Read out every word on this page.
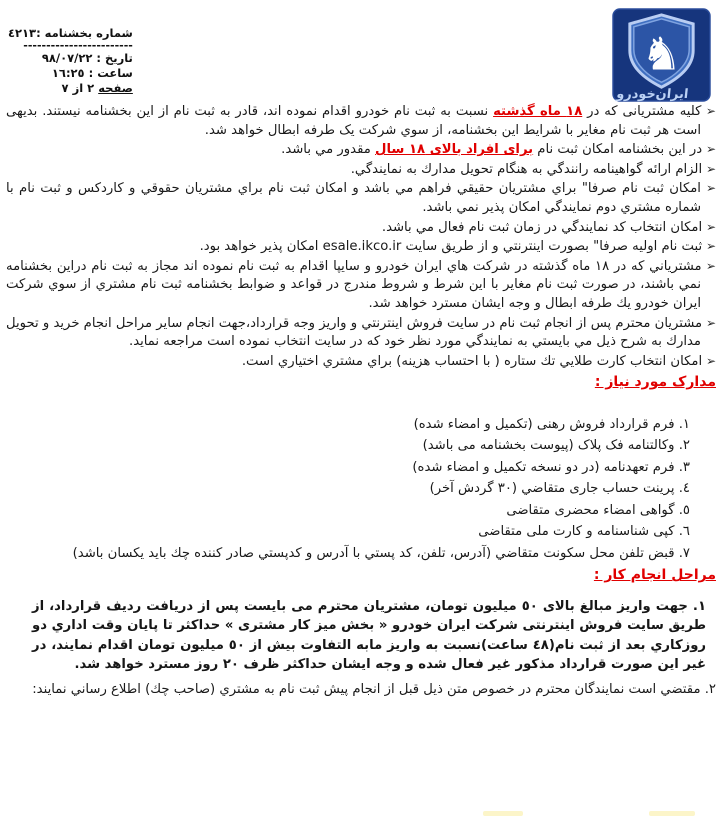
♞
ایران‌خودرو
شماره بخشنامه :٤٢١٣
------------------------
تاریخ : ٩٨/٠٧/٢٢
ساعت : ١٦:٢٥
صفحه ٢ از ٧
➢ کلیه مشتریانی که در ١٨ ماه گذشته نسبت به ثبت نام خودرو اقدام نموده اند، قادر به ثبت نام از این بخشنامه نیستند. بدیهی است هر ثبت نام مغایر با شرایط این بخشنامه، از سوي شرکت یک طرفه ابطال خواهد شد.
➢ در این بخشنامه امکان ثبت نام برای افراد بالای ١٨ سال مقدور مي باشد.
➢ الزام ارائه گواهینامه رانندگي به هنگام تحویل مدارك به نمایندگي.
➢ امکان ثبت نام صرفا" براي مشتریان حقیقي فراهم مي باشد و امکان ثبت نام براي مشتریان حقوقي و کاردکس و ثبت نام با شماره مشتري دوم نمایندگي امکان پذیر نمي باشد.
➢ امکان انتخاب کد نمایندگي در زمان ثبت نام فعال مي باشد.
➢ ثبت نام اولیه صرفا" بصورت اینترنتي و از طریق سایت esale.ikco.ir امکان پذیر خواهد بود.
➢ مشتریاني که در ١٨ ماه گذشته در شرکت هاي ایران خودرو و سایپا اقدام به ثبت نام نموده اند مجاز به ثبت نام دراین بخشنامه نمي باشند، در صورت ثبت نام مغایر با این شرط و شروط مندرج در قواعد و ضوابط بخشنامه ثبت نام مشتري از سوي شرکت ایران خودرو یك طرفه ابطال و وجه ایشان مسترد خواهد شد.
➢ مشتریان محترم پس از انجام ثبت نام در سایت فروش اینترنتي و واریز وجه قرارداد،جهت انجام سایر مراحل انجام خرید و تحویل مدارك به شرح ذیل مي بایستي به نمایندگي مورد نظر خود که در سایت انتخاب نموده است مراجعه نماید.
➢ امکان انتخاب کارت طلایي تك ستاره ( با احتساب هزینه) براي مشتري اختیاري است.
مدارک مورد نیاز :
١. فرم قرارداد فروش رهنی (تکمیل و امضاء شده)
٢. وکالتنامه فک پلاک (پیوست بخشنامه می باشد)
٣. فرم تعهدنامه (در دو نسخه تکمیل و امضاء شده)
٤. پرینت حساب جاری متقاضي (٣٠ گردش آخر)
٥. گواهی امضاء محضری متقاضی
٦. کپی شناسنامه و کارت ملی متقاضی
٧. قبض تلفن محل سکونت متقاضي (آدرس، تلفن، کد پستي با آدرس و کدپستي صادر کننده چك باید یکسان باشد)
مراحل انجام کار :
١. جهت واریز مبالغ بالای ٥٠ میلیون تومان، مشتریان محترم می بایست پس از دریافت ردیف قرارداد، از طریق سایت فروش اینترنتی شرکت ایران خودرو « بخش میز کار مشتری » حداکثر تا پایان وقت اداري دو روزکاري بعد از ثبت نام(٤٨ ساعت)نسبت به واریز مابه التفاوت بیش از ٥٠ میلیون تومان اقدام نمایند، در غیر این صورت قرارداد مذکور غیر فعال شده و وجه ایشان حداکثر ظرف ٢٠ روز مسترد خواهد شد.
٢. مقتضي است نمایندگان محترم در خصوص متن ذیل قبل از انجام پیش ثبت نام به مشتري (صاحب چك) اطلاع رساني نمایند:
